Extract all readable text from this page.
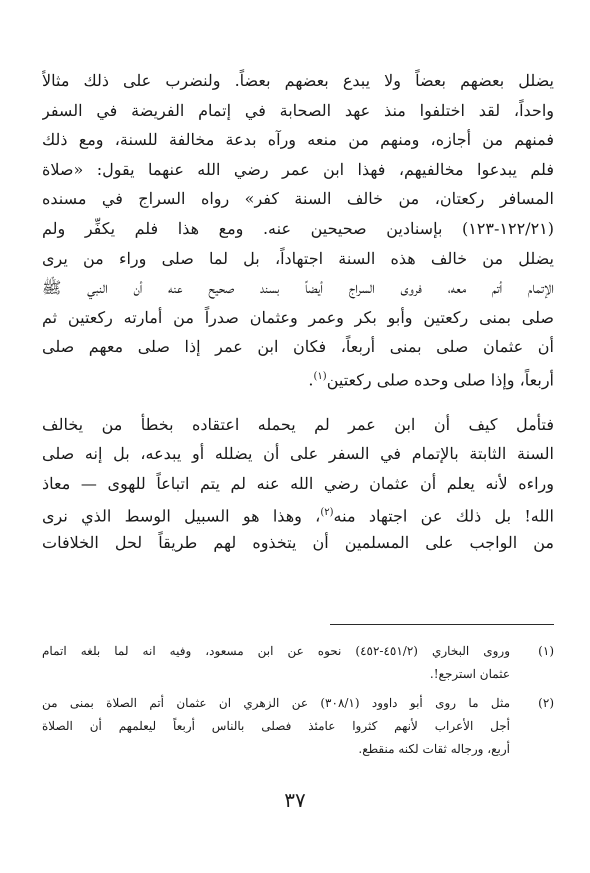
يضلل بعضهم بعضاً ولا يبدع بعضهم بعضاً. ولنضرب على ذلك مثالاً
واحداً، لقد اختلفوا منذ عهد الصحابة في إتمام الفريضة في السفر
فمنهم من أجازه، ومنهم من منعه ورآه بدعة مخالفة للسنة، ومع ذلك
فلم يبدعوا مخالفيهم، فهذا ابن عمر رضي الله عنهما يقول: «صلاة
المسافر ركعتان، من خالف السنة كفر» رواه السراج في مسنده
(١٢٢/٢١-١٢٣) بإسنادين صحيحين عنه. ومع هذا فلم يكفِّر ولم
يضلل من خالف هذه السنة اجتهاداً، بل لما صلى وراء من يرى
الإتمام أتم معه، فروى السراج أيضاً بسند صحيح عنه أن النبي ﷺ
صلى بمنى ركعتين وأبو بكر وعمر وعثمان صدراً من أمارته ركعتين ثم
أن عثمان صلى بمنى أربعاً، فكان ابن عمر إذا صلى معهم صلى
أربعاً، وإذا صلى وحده صلى ركعتين$^{(١)}$.

فتأمل كيف أن ابن عمر لم يحمله اعتقاده بخطأ من يخالف
السنة الثابتة بالإتمام في السفر على أن يضلله أو يبدعه، بل إنه صلى
وراءه لأنه يعلم أن عثمان رضي الله عنه لم يتم اتباعاً للهوى — معاذ
الله! بل ذلك عن اجتهاد منه$^{(٢)}$، وهذا هو السبيل الوسط الذي نرى
من الواجب على المسلمين أن يتخذوه لهم طريقاً لحل الخلافات

(١)
وروى البخاري (٤٥١/٢-٤٥٢) نحوه عن ابن مسعود، وفيه انه لما بلغه اتمام
عثمان استرجع!.
(٢)
مثل ما روى أبو داوود (٣٠٨/١) عن الزهري ان عثمان أتم الصلاة بمنى من
أجل الأعراب لأنهم كثروا عامئذ فصلى بالناس أربعاً ليعلمهم أن الصلاة
أربع، ورجاله ثقات لكنه منقطع.
٣٧
